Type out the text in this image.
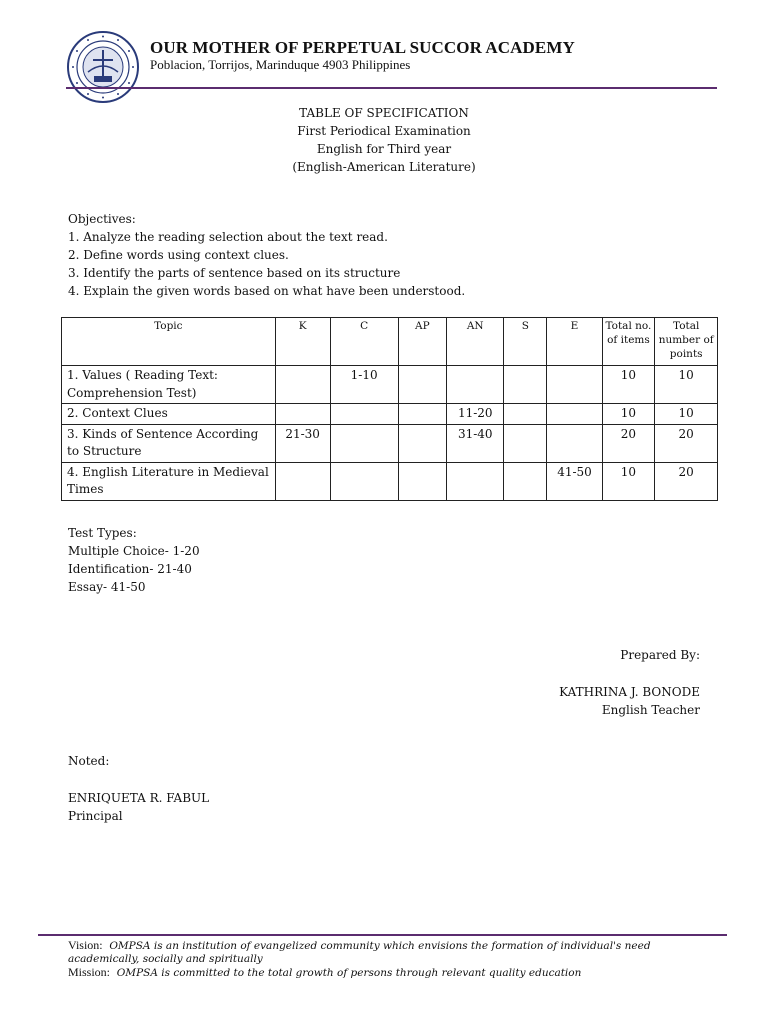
OUR MOTHER OF PERPETUAL SUCCOR ACADEMY
Poblacion, Torrijos, Marinduque 4903 Philippines
TABLE OF SPECIFICATION
First Periodical Examination
English for Third year
(English-American Literature)
Objectives:
1. Analyze the reading selection about the text read.
2. Define words using context clues.
3. Identify the parts of sentence based on its structure
4. Explain the given words based on what have been understood.
Topic	K	C	AP	AN	S	E	Total no. of items	Total number of points
1. Values ( Reading Text: Comprehension Test)		1-10					10	10
2. Context Clues				11-20			10	10
3. Kinds of Sentence According to Structure	21-30			31-40			20	20
4. English Literature in Medieval Times						41-50	10	20
Test Types:
Multiple Choice- 1-20
Identification- 21-40
Essay- 41-50
Prepared By:
KATHRINA J. BONODE
English Teacher
Noted:
ENRIQUETA R. FABUL
Principal
Vision: OMPSA is an institution of evangelized community which envisions the formation of individual's need academically, socially and spiritually
Mission: OMPSA is committed to the total growth of persons through relevant quality education
